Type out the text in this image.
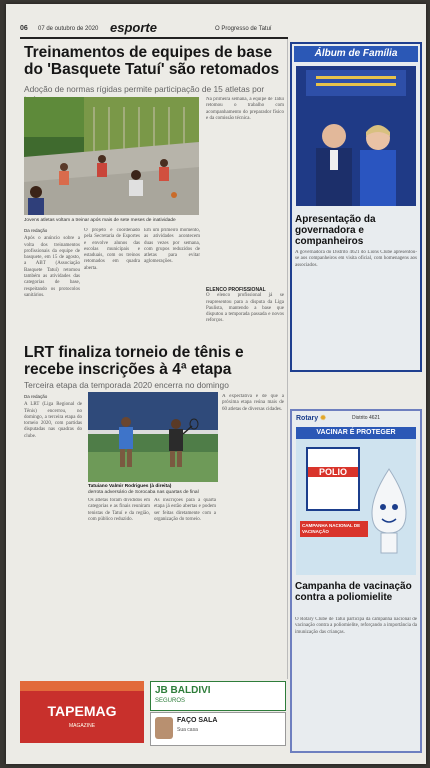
06 07 de outubro de 2020 esporte	O Progresso de Tatuí
Treinamentos de equipes de base do 'Basquete Tatuí' são retomados
Adoção de normas rígidas permite participação de 15 atletas por
Jovens atletas voltam a treinar após mais de sete meses de inatividade
Da redação

Após o anúncio sobre a volta dos treinamentos profissionais da equipe de basquete, em 15 de agosto, a ABT (Associação Basquete Tatuí) retomou também as atividades das categorias de base, respeitando os protocolos sanitários.

O projeto é coordenado pela Secretaria de Esportes e envolve alunos das escolas municipais e estaduais, com os treinos retomados em quadra aberta.

Em um primeiro momento, as atividades acontecem duas vezes por semana, com grupos reduzidos de atletas para evitar aglomerações.

Na primeira semana, a equipe de Tatuí retomou o trabalho com acompanhamento do preparador físico e da comissão técnica.

ELENCO PROFISSIONAL

O elenco profissional já se reapresentou para a disputa da Liga Paulista, mantendo a base que disputou a temporada passada e novos reforços.

LRT finaliza torneio de tênis e recebe inscrições à 4ª etapa
Terceira etapa da temporada 2020 encerra no domingo
Da redação

A LRT (Liga Regional de Tênis) encerrou, no domingo, a terceira etapa do torneio 2020, com partidas disputadas nas quadras do clube.

Tatuiano Valmir Rodrigues (à direita)
derrota adversário de Sorocaba nas quartas de final

Os atletas foram divididos em categorias e as finais reuniram tenistas de Tatuí e da região, com público reduzido.

As inscrições para a quarta etapa já estão abertas e podem ser feitas diretamente com a organização do torneio.

A expectativa é de que a próxima etapa reúna mais de 60 atletas de diversas cidades.

Álbum de Família
Apresentação da governadora e companheiros
A governadora do Distrito 4621 do Lions Clube apresentou-se aos companheiros em visita oficial, com homenagens aos associados.
Rotary ✹	Distrito 4621
VACINAR É PROTEGER
POLIO
CAMPANHA NACIONAL DE VACINAÇÃO
Campanha de vacinação contra a poliomielite
O Rotary Clube de Tatuí participa da campanha nacional de vacinação contra a poliomielite, reforçando a importância da imunização das crianças.
TAPEMAG
MAGAZINE
JB BALDIVI
SEGUROS
FAÇO SALA
Sua casa
